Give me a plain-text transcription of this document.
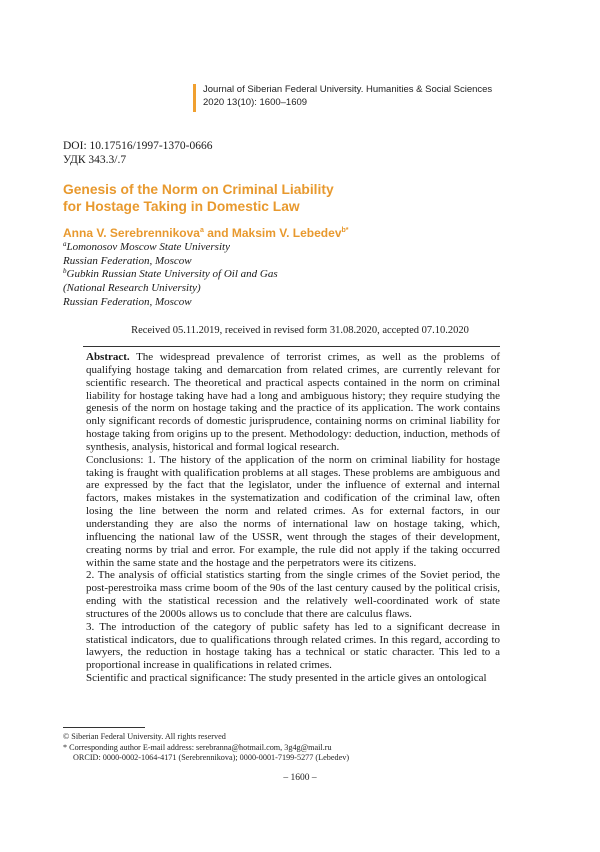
Journal of Siberian Federal University. Humanities & Social Sciences
2020 13(10): 1600–1609
DOI: 10.17516/1997-1370-0666
УДК 343.3/.7
Genesis of the Norm on Criminal Liability
for Hostage Taking in Domestic Law
Anna V. Serebrennikova$^a$ and Maksim V. Lebedev$^{b*}$
$^a$Lomonosov Moscow State University
Russian Federation, Moscow
$^b$Gubkin Russian State University of Oil and Gas
(National Research University)
Russian Federation, Moscow
Received 05.11.2019, received in revised form 31.08.2020, accepted 07.10.2020

Abstract. The widespread prevalence of terrorist crimes, as well as the problems of qualifying hostage taking and demarcation from related crimes, are currently relevant for scientific research. The theoretical and practical aspects contained in the norm on criminal liability for hostage taking have had a long and ambiguous history; they require studying the genesis of the norm on hostage taking and the practice of its application. The work contains only significant records of domestic jurisprudence, containing norms on criminal liability for hostage taking from origins up to the present. Methodology: deduction, induction, methods of synthesis, analysis, historical and formal logical research.

Conclusions: 1. The history of the application of the norm on criminal liability for hostage taking is fraught with qualification problems at all stages. These problems are ambiguous and are expressed by the fact that the legislator, under the influence of external and internal factors, makes mistakes in the systematization and codification of the criminal law, often losing the line between the norm and related crimes. As for external factors, in our understanding they are also the norms of international law on hostage taking, which, influencing the national law of the USSR, went through the stages of their development, creating norms by trial and error. For example, the rule did not apply if the taking occurred within the same state and the hostage and the perpetrators were its citizens.

2. The analysis of official statistics starting from the single crimes of the Soviet period, the post-perestroika mass crime boom of the 90s of the last century caused by the political crisis, ending with the statistical recession and the relatively well-coordinated work of state structures of the 2000s allows us to conclude that there are calculus flaws.

3. The introduction of the category of public safety has led to a significant decrease in statistical indicators, due to qualifications through related crimes. In this regard, according to lawyers, the reduction in hostage taking has a technical or static character. This led to a proportional increase in qualifications in related crimes.

Scientific and practical significance: The study presented in the article gives an ontological

© Siberian Federal University. All rights reserved
* Corresponding author E-mail address: serebranna@hotmail.com, 3g4g@mail.ru
ORCID: 0000-0002-1064-4171 (Serebrennikova); 0000-0001-7199-5277 (Lebedev)
– 1600 –
